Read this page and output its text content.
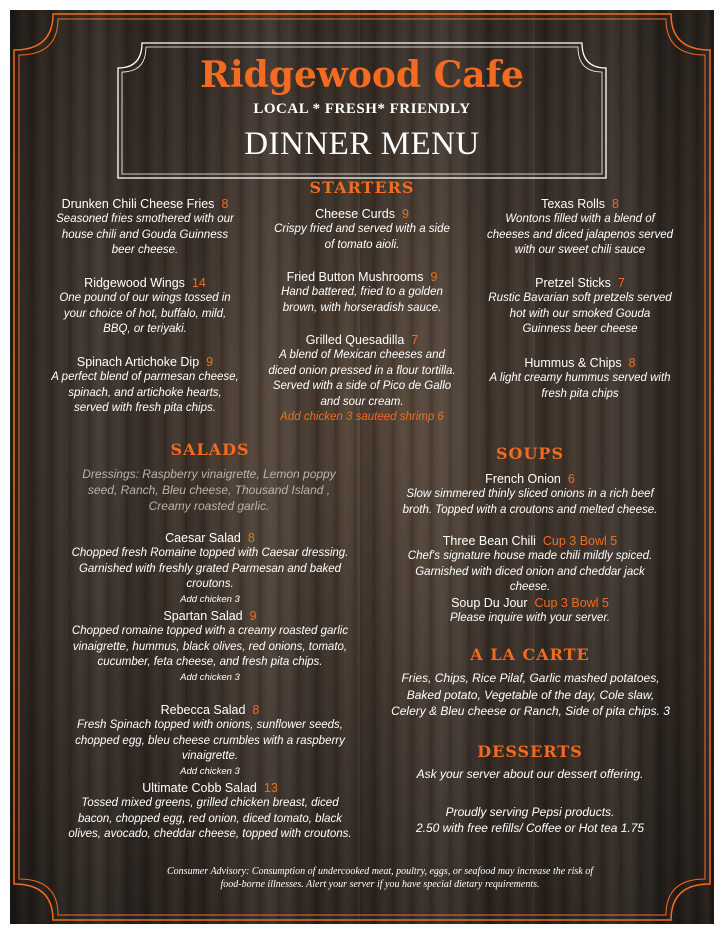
Ridgewood Cafe
LOCAL * FRESH* FRIENDLY
DINNER MENU
STARTERS
Drunken Chili Cheese Fries 8
Seasoned fries smothered with our house chili and Gouda Guinness beer cheese.
Ridgewood Wings 14
One pound of our wings tossed in your choice of hot, buffalo, mild, BBQ, or teriyaki.
Spinach Artichoke Dip 9
A perfect blend of parmesan cheese, spinach, and artichoke hearts, served with fresh pita chips.
Cheese Curds 9
Crispy fried and served with a side of tomato aioli.
Fried Button Mushrooms 9
Hand battered, fried to a golden brown, with horseradish sauce.
Grilled Quesadilla 7
A blend of Mexican cheeses and diced onion pressed in a flour tortilla. Served with a side of Pico de Gallo and sour cream.
Add chicken 3 sauteed shrimp 6
Texas Rolls 8
Wontons filled with a blend of cheeses and diced jalapenos served with our sweet chili sauce
Pretzel Sticks 7
Rustic Bavarian soft pretzels served hot with our smoked Gouda Guinness beer cheese
Hummus & Chips 8
A light creamy hummus served with fresh pita chips
SALADS
Dressings: Raspberry vinaigrette, Lemon poppy seed, Ranch, Bleu cheese, Thousand Island , Creamy roasted garlic.
Caesar Salad 8
Chopped fresh Romaine topped with Caesar dressing. Garnished with freshly grated Parmesan and baked croutons.
Add chicken 3
Spartan Salad 9
Chopped romaine topped with a creamy roasted garlic vinaigrette, hummus, black olives, red onions, tomato, cucumber, feta cheese, and fresh pita chips.
Add chicken 3
Rebecca Salad 8
Fresh Spinach topped with onions, sunflower seeds, chopped egg, bleu cheese crumbles with a raspberry vinaigrette.
Add chicken 3
Ultimate Cobb Salad 13
Tossed mixed greens, grilled chicken breast, diced bacon, chopped egg, red onion, diced tomato, black olives, avocado, cheddar cheese, topped with croutons.
SOUPS
French Onion 6
Slow simmered thinly sliced onions in a rich beef broth. Topped with a croutons and melted cheese.
Three Bean Chili Cup 3 Bowl 5
Chef's signature house made chili mildly spiced. Garnished with diced onion and cheddar jack cheese.
Soup Du Jour Cup 3 Bowl 5
Please inquire with your server.
A LA CARTE
Fries, Chips, Rice Pilaf, Garlic mashed potatoes, Baked potato, Vegetable of the day, Cole slaw, Celery & Bleu cheese or Ranch, Side of pita chips. 3
DESSERTS
Ask your server about our dessert offering.
Proudly serving Pepsi products.
2.50 with free refills/ Coffee or Hot tea 1.75
Consumer Advisory: Consumption of undercooked meat, poultry, eggs, or seafood may increase the risk of food-borne illnesses. Alert your server if you have special dietary requirements.
